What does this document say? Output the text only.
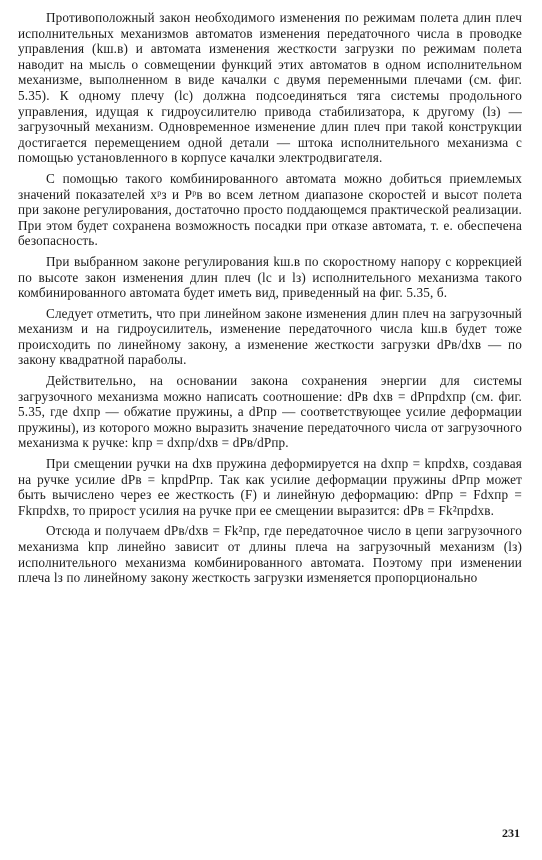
Противоположный закон необходимого изменения по режимам полета длин плеч исполнительных механизмов автоматов изменения передаточного числа в проводке управления (kш.в) и автомата изменения жесткости загрузки по режимам полета наводит на мысль о совмещении функций этих автоматов в одном исполнительном механизме, выполненном в виде качалки с двумя переменными плечами (см. фиг. 5.35). К одному плечу (lс) должна подсоединяться тяга системы продольного управления, идущая к гидроусилителю привода стабилизатора, к другому (lз) — загрузочный механизм. Одновременное изменение длин плеч при такой конструкции достигается перемещением одной детали — штока исполнительного механизма с помощью установленного в корпусе качалки электродвигателя.

С помощью такого комбинированного автомата можно добиться приемлемых значений показателей xᵖз и Pᵖв во всем летном диапазоне скоростей и высот полета при законе регулирования, достаточно просто поддающемся практической реализации. При этом будет сохранена возможность посадки при отказе автомата, т. е. обеспечена безопасность.

При выбранном законе регулирования kш.в по скоростному напору с коррекцией по высоте закон изменения длин плеч (lс и lз) исполнительного механизма такого комбинированного автомата будет иметь вид, приведенный на фиг. 5.35, б.

Следует отметить, что при линейном законе изменения длин плеч на загрузочный механизм и на гидроусилитель, изменение передаточного числа kш.в будет тоже происходить по линейному закону, а изменение жесткости загрузки dPв/dxв — по закону квадратной параболы.

Действительно, на основании закона сохранения энергии для системы загрузочного механизма можно написать соотношение: dPв dxв = dPпрdxпр (см. фиг. 5.35, где dxпр — обжатие пружины, а dPпр — соответствующее усилие деформации пружины), из которого можно выразить значение передаточного числа от загрузочного механизма к ручке: kпр = dxпр/dxв = dPв/dPпр.

При смещении ручки на dxв пружина деформируется на dxпр = kпрdxв, создавая на ручке усилие dPв = kпрdPпр. Так как усилие деформации пружины dPпр может быть вычислено через ее жесткость (F) и линейную деформацию: dPпр = Fdxпр = Fkпрdxв, то прирост усилия на ручке при ее смещении выразится: dPв = Fk²прdxв.

Отсюда и получаем dPв/dxв = Fk²пр, где передаточное число в цепи загрузочного механизма kпр линейно зависит от длины плеча на загрузочный механизм (lз) исполнительного механизма комбинированного автомата. Поэтому при изменении плеча lз по линейному закону жесткость загрузки изменяется пропорционально

231
